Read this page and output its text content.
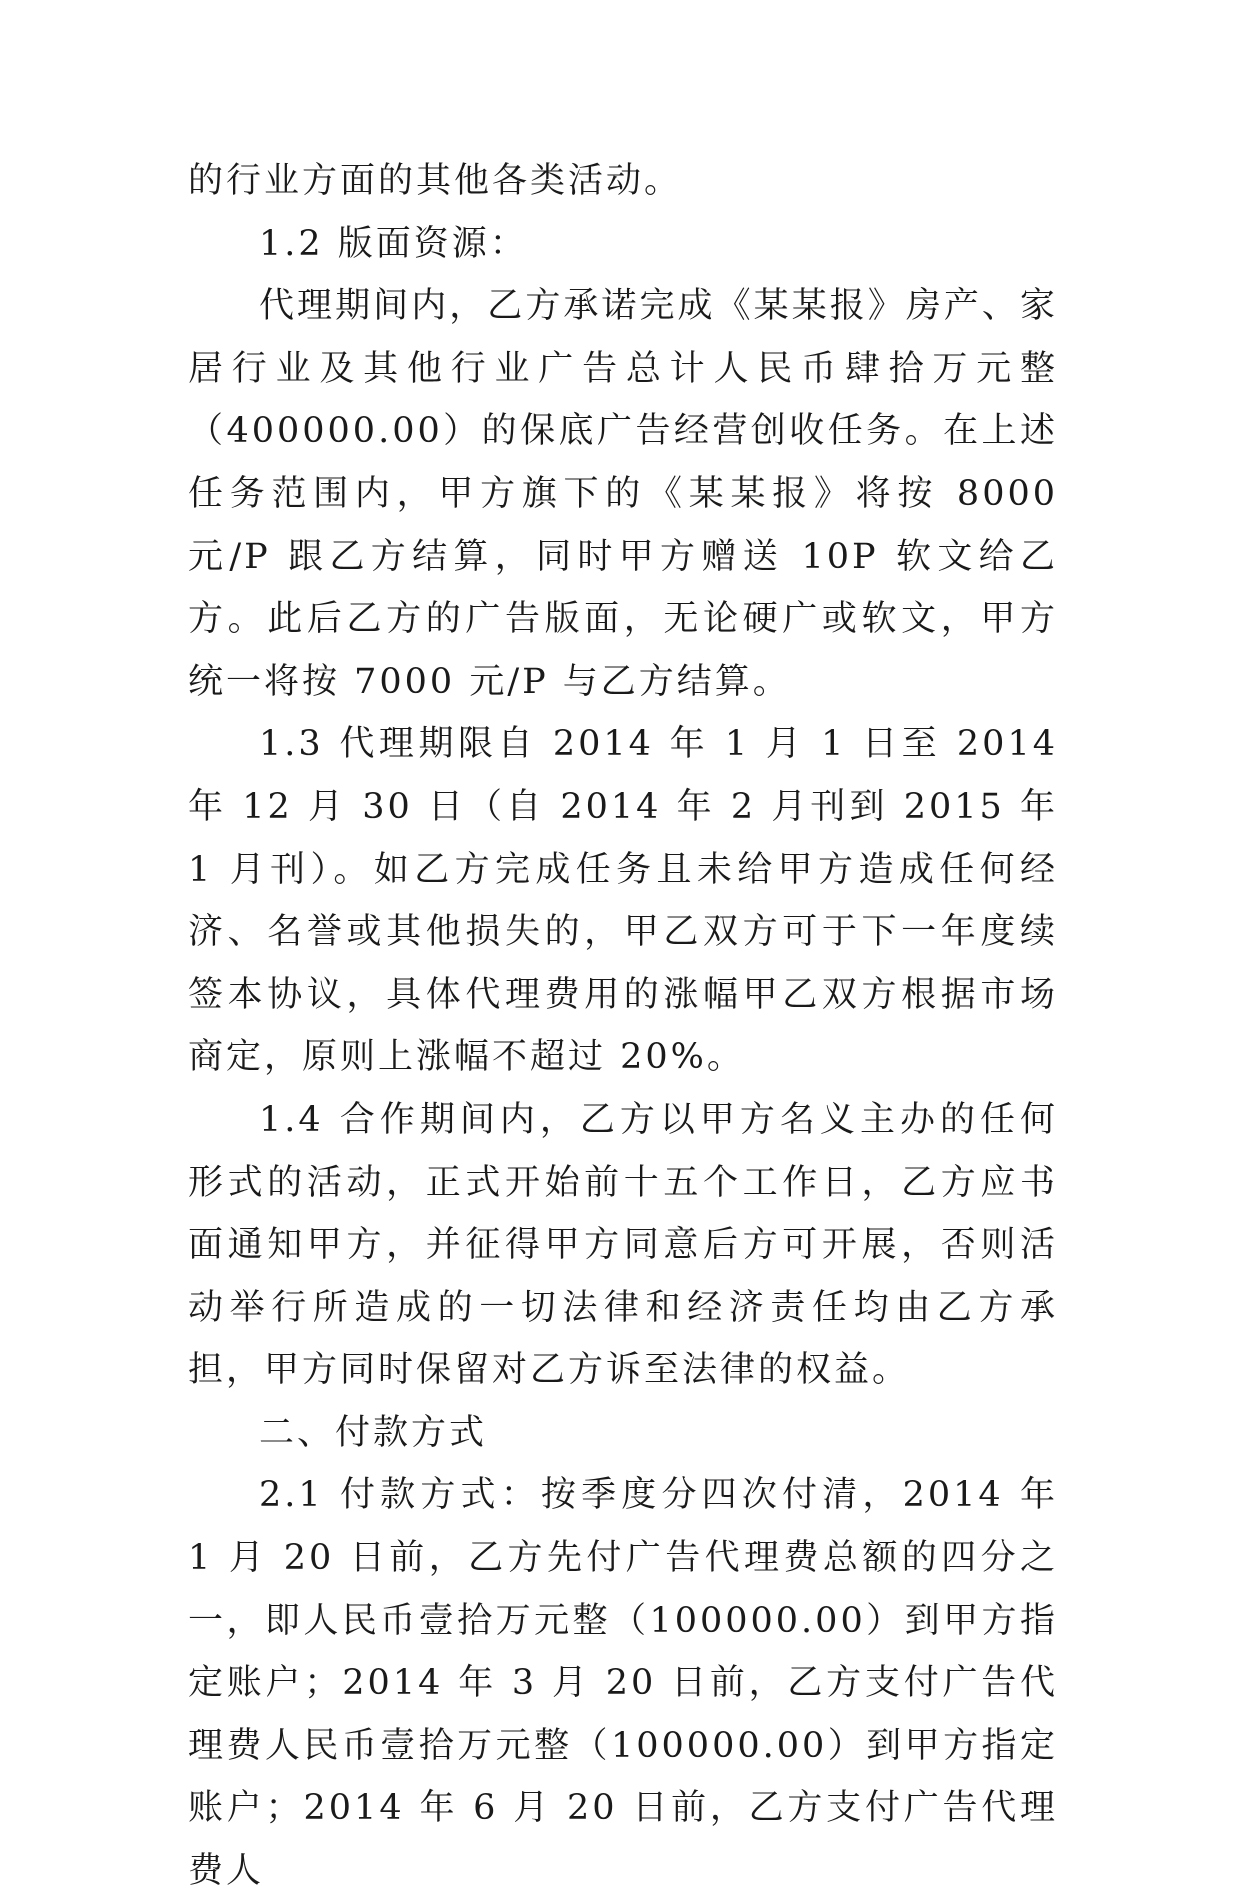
的行业方面的其他各类活动。

1.2 版面资源：

代理期间内，乙方承诺完成《某某报》房产、家居行业及其他行业广告总计人民币肆拾万元整（400000.00）的保底广告经营创收任务。在上述任务范围内，甲方旗下的《某某报》将按 8000 元/P 跟乙方结算，同时甲方赠送 10P 软文给乙方。此后乙方的广告版面，无论硬广或软文，甲方统一将按 7000 元/P 与乙方结算。

1.3 代理期限自 2014 年 1 月 1 日至 2014 年 12 月 30 日（自 2014 年 2 月刊到 2015 年 1 月刊）。如乙方完成任务且未给甲方造成任何经济、名誉或其他损失的，甲乙双方可于下一年度续签本协议，具体代理费用的涨幅甲乙双方根据市场商定，原则上涨幅不超过 20%。

1.4 合作期间内，乙方以甲方名义主办的任何形式的活动，正式开始前十五个工作日，乙方应书面通知甲方，并征得甲方同意后方可开展，否则活动举行所造成的一切法律和经济责任均由乙方承担，甲方同时保留对乙方诉至法律的权益。

二、付款方式

2.1 付款方式：按季度分四次付清，2014 年 1 月 20 日前，乙方先付广告代理费总额的四分之一，即人民币壹拾万元整（100000.00）到甲方指定账户；2014 年 3 月 20 日前，乙方支付广告代理费人民币壹拾万元整（100000.00）到甲方指定账户；2014 年 6 月 20 日前，乙方支付广告代理费人
